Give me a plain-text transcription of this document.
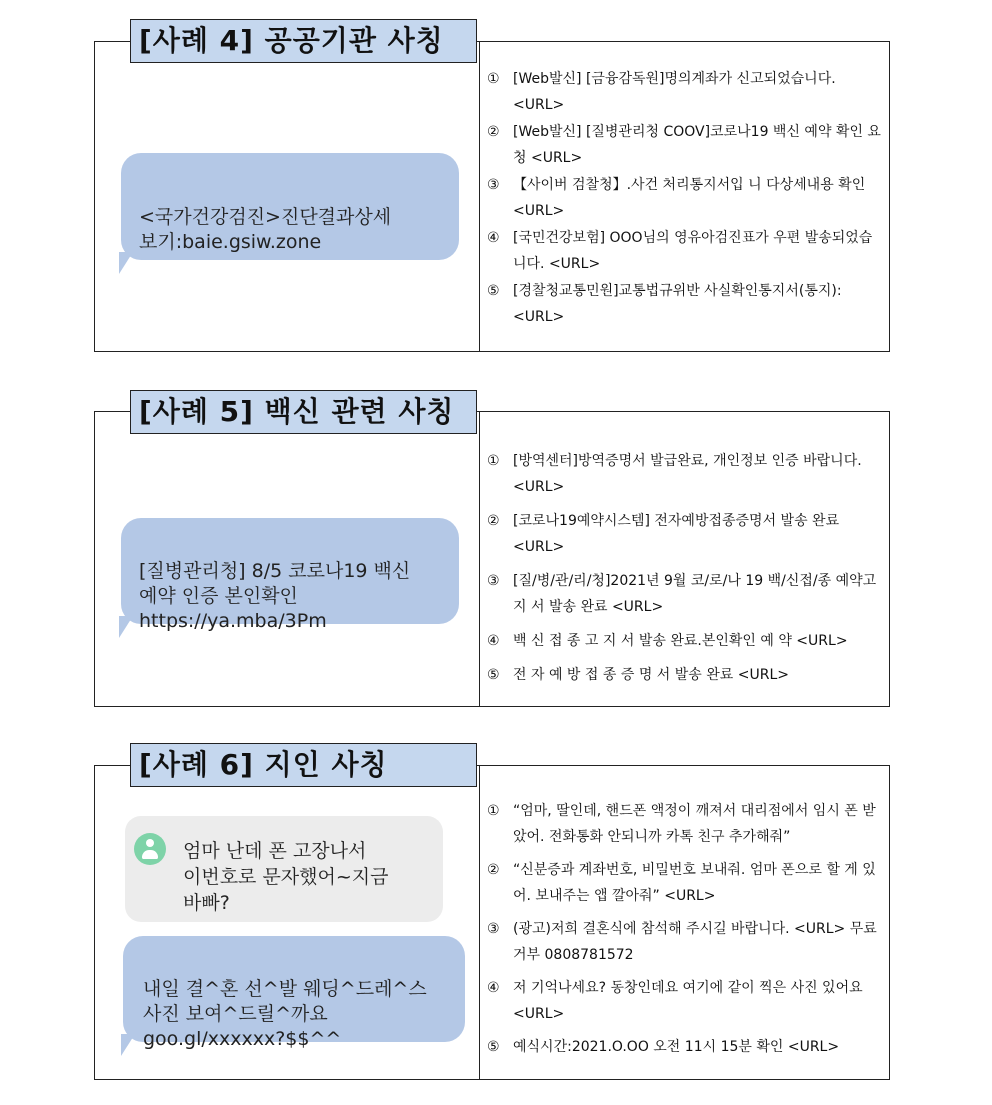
<국가건강검진>진단결과상세
보기:baie.gsiw.zone

① [Web발신] [금융감독원]명의계좌가 신고되었습니다. <URL>
② [Web발신] [질병관리청 COOV]코로나19 백신 예약 확인 요청 <URL>
③ 【사이버 검찰청】.사건 처리통지서입 니 다상세내용 확인 <URL>
④ [국민건강보험] OOO님의 영유아검진표가 우편 발송되었습니다. <URL>
⑤ [경찰청교통민원]교통법규위반 사실확인통지서(통지): <URL>
[사례 4] 공공기관 사칭

[질병관리청] 8/5 코로나19 백신
예약 인증 본인확인
https://ya.mba/3Pm

① [방역센터]방역증명서 발급완료, 개인정보 인증 바랍니다. <URL>
② [코로나19예약시스템] 전자예방접종증명서 발송 완료 <URL>
③ [질/병/관/리/청]2021년 9월 코/로/나 19 백/신접/종 예약고지 서 발송 완료 <URL>
④ 백 신 접 종 고 지 서 발송 완료.본인확인 예 약 <URL>
⑤ 전 자 예 방 접 종 증 명 서 발송 완료 <URL>
[사례 5] 백신 관련 사칭
엄마 난데 폰 고장나서
이번호로 문자했어~지금
바빠?

내일 결^혼 선^발 웨딩^드레^스
사진 보여^드릴^까요
goo.gl/xxxxxx?$$^^

① “엄마, 딸인데, 핸드폰 액정이 깨져서 대리점에서 임시 폰 받았어. 전화통화 안되니까 카톡 친구 추가해줘”
② “신분증과 계좌번호, 비밀번호 보내줘. 엄마 폰으로 할 게 있어. 보내주는 앱 깔아줘” <URL>
③ (광고)저희 결혼식에 참석해 주시길 바랍니다. <URL> 무료거부 0808781572
④ 저 기억나세요? 동창인데요 여기에 같이 찍은 사진 있어요 <URL>
⑤ 예식시간:2021.O.OO 오전 11시 15분 확인 <URL>
[사례 6] 지인 사칭
